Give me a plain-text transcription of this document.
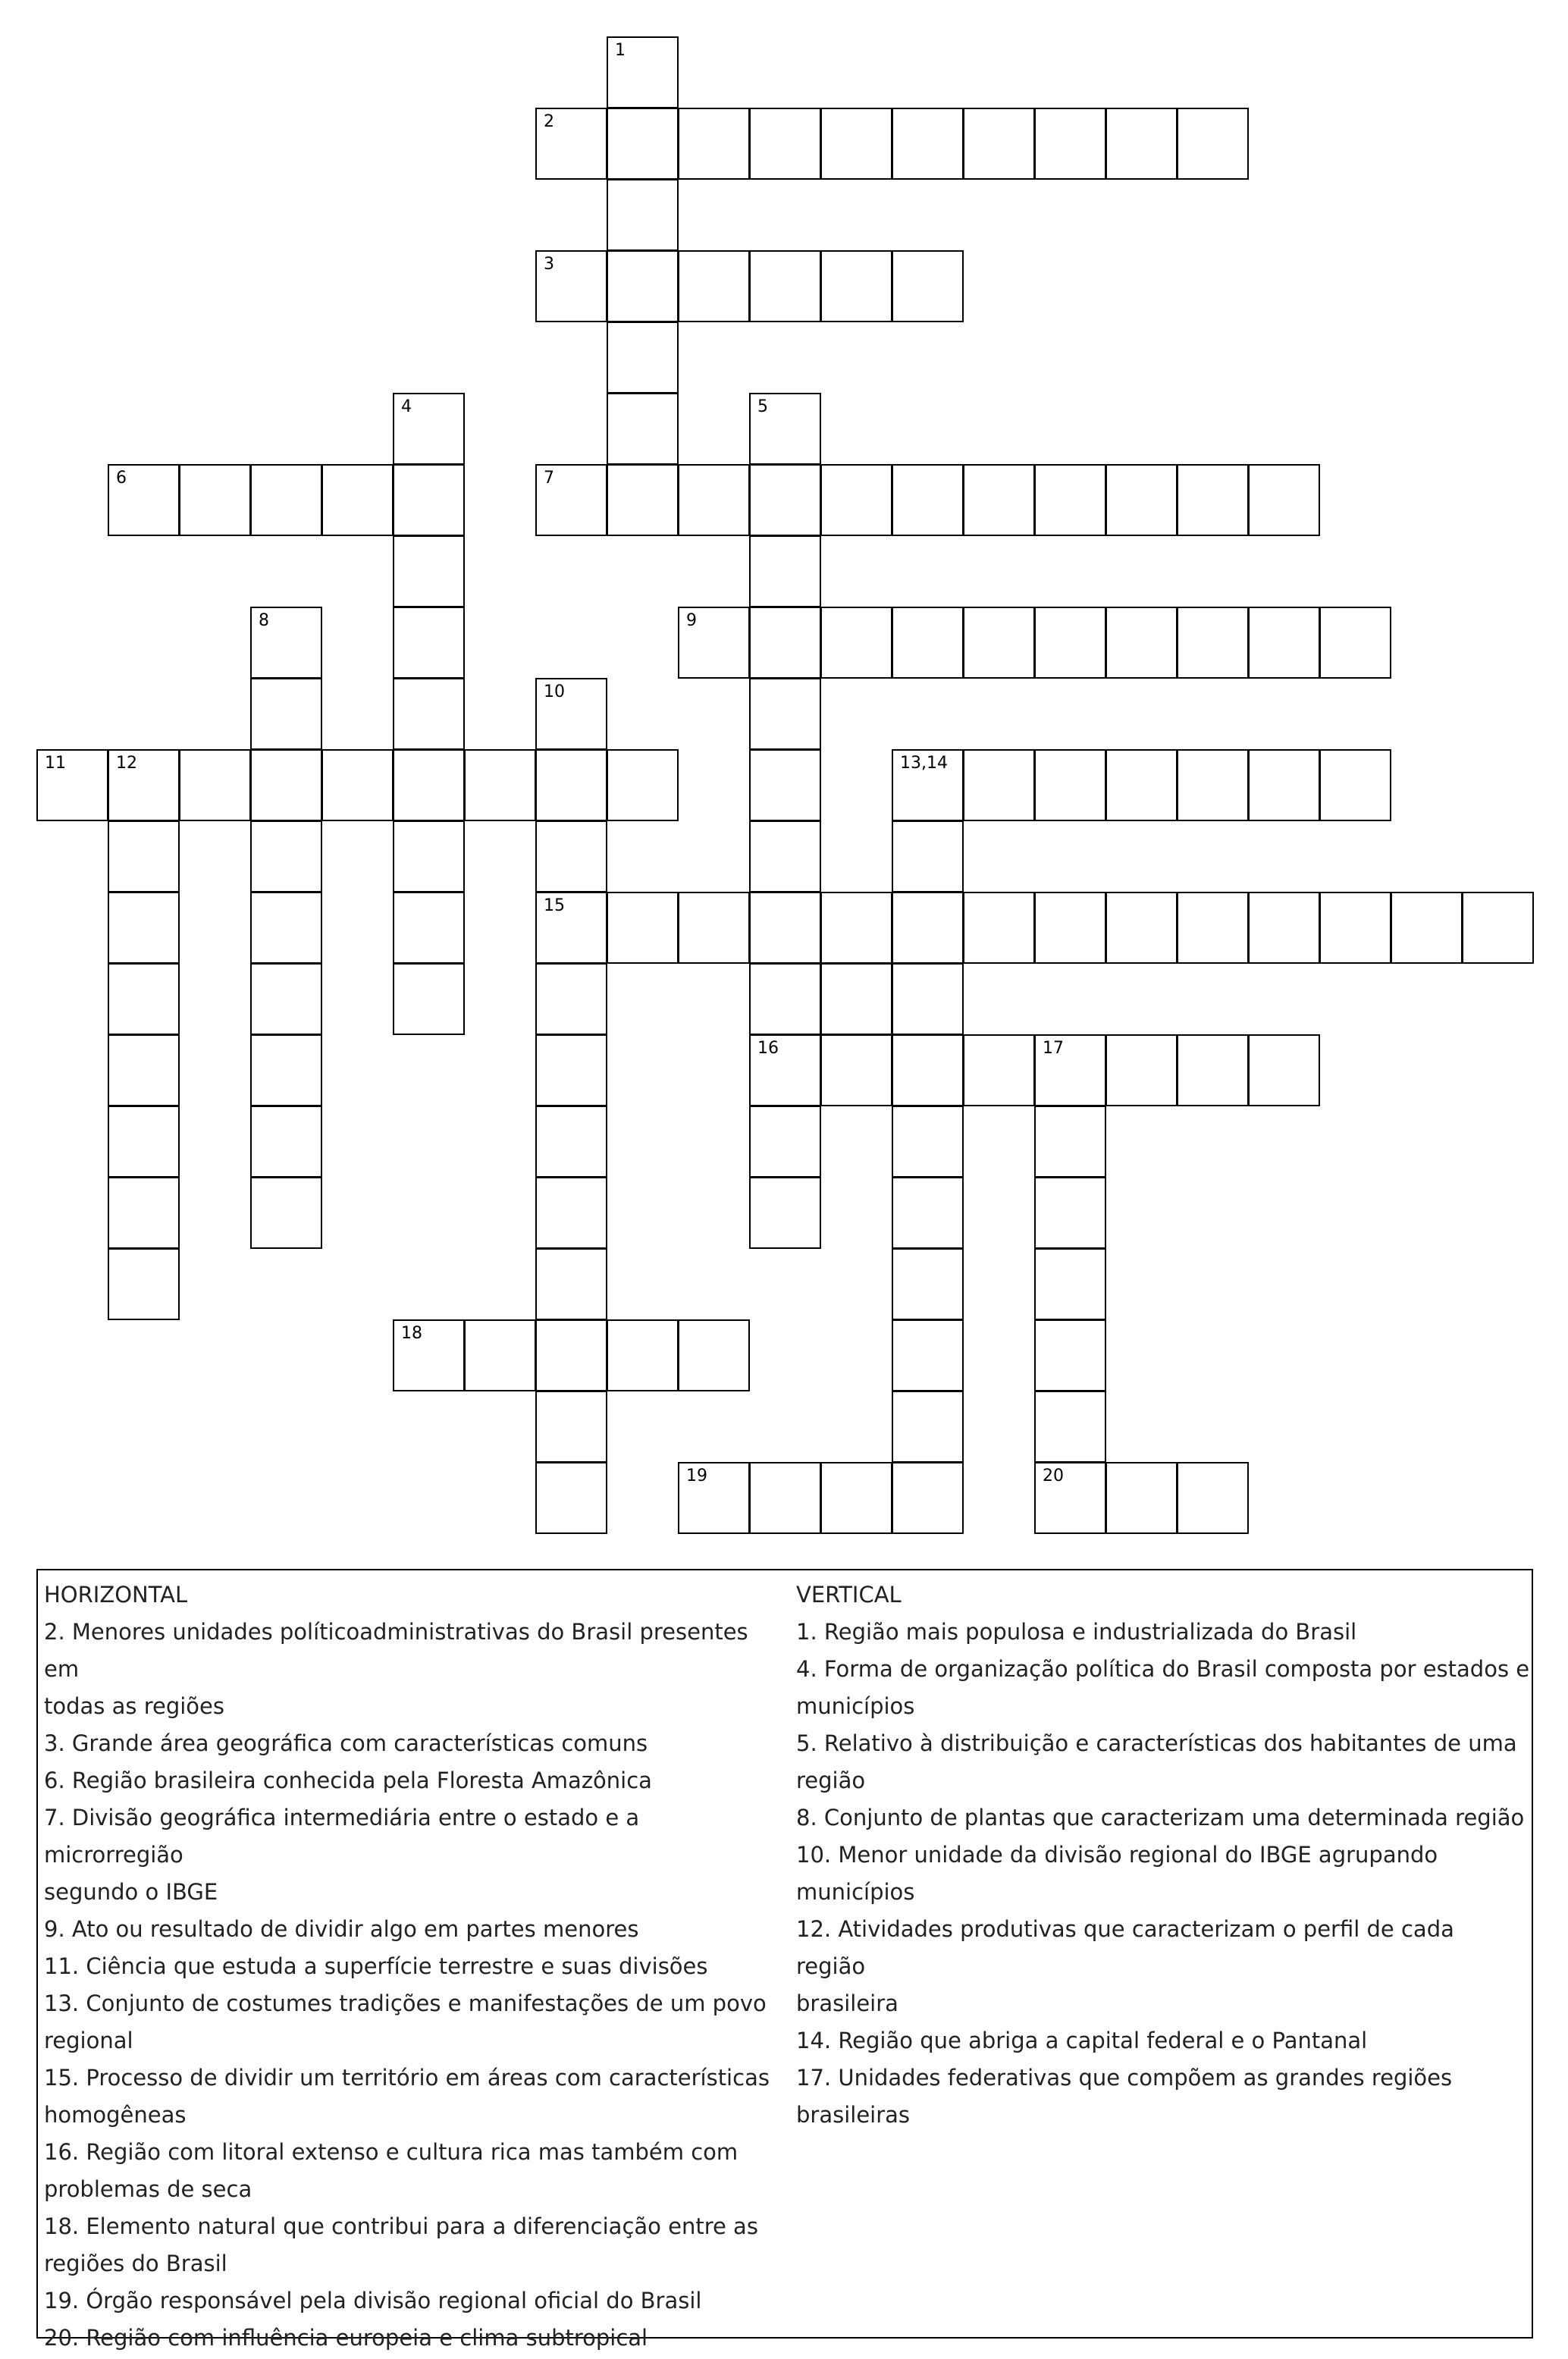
1
2
3
4	5
6	7
8	9
10
11	12	13,14
15
16	17
18
19	20

HORIZONTAL

2. Menores unidades políticoadministrativas do Brasil presentes em

todas as regiões

3. Grande área geográfica com características comuns

6. Região brasileira conhecida pela Floresta Amazônica

7. Divisão geográfica intermediária entre o estado e a microrregião

segundo o IBGE

9. Ato ou resultado de dividir algo em partes menores

11. Ciência que estuda a superfície terrestre e suas divisões

13. Conjunto de costumes tradições e manifestações de um povo

regional

15. Processo de dividir um território em áreas com características

homogêneas

16. Região com litoral extenso e cultura rica mas também com

problemas de seca

18. Elemento natural que contribui para a diferenciação entre as

regiões do Brasil

19. Órgão responsável pela divisão regional oficial do Brasil

20. Região com influência europeia e clima subtropical

VERTICAL

1. Região mais populosa e industrializada do Brasil

4. Forma de organização política do Brasil composta por estados e

municípios

5. Relativo à distribuição e características dos habitantes de uma região

8. Conjunto de plantas que caracterizam uma determinada região

10. Menor unidade da divisão regional do IBGE agrupando municípios

12. Atividades produtivas que caracterizam o perfil de cada região

brasileira

14. Região que abriga a capital federal e o Pantanal

17. Unidades federativas que compõem as grandes regiões brasileiras
